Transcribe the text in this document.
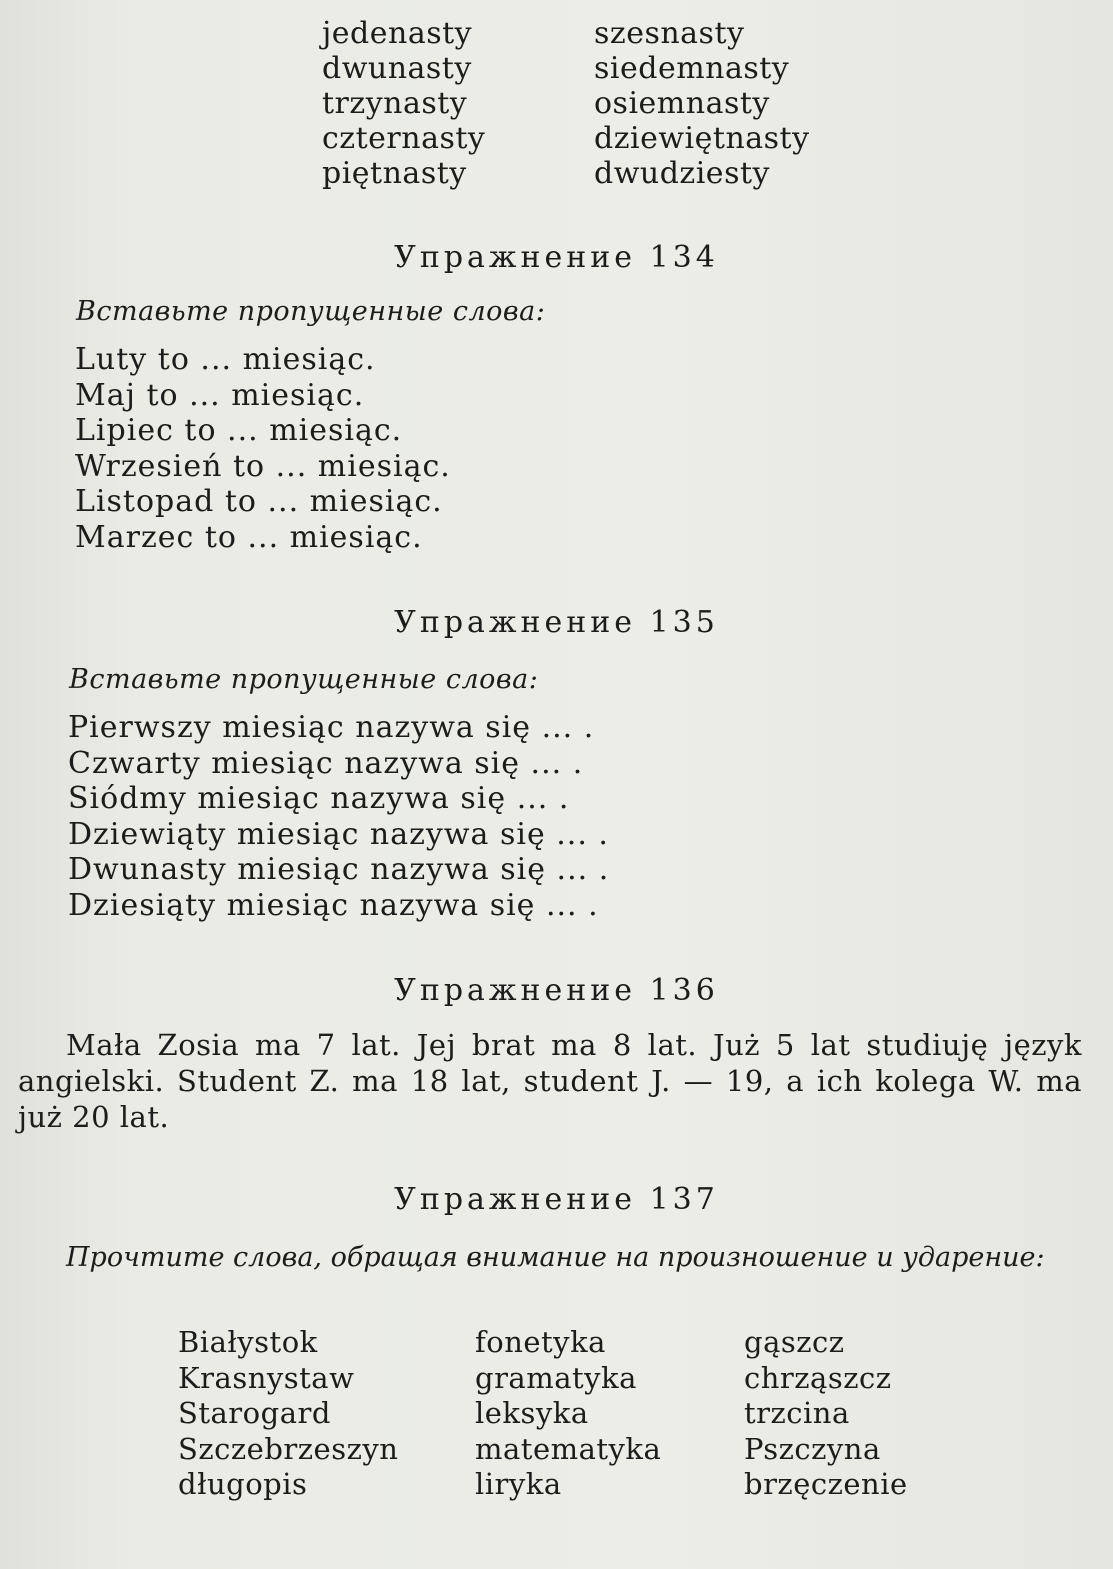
jedenasty
dwunasty
trzynasty
czternasty
piętnasty
szesnasty
siedemnasty
osiemnasty
dziewiętnasty
dwudziesty
Упражнение 134
Вставьте пропущенные слова:
Luty to ... miesiąc.
Maj to ... miesiąc.
Lipiec to ... miesiąc.
Wrzesień to ... miesiąc.
Listopad to ... miesiąc.
Marzec to ... miesiąc.
Упражнение 135
Вставьте пропущенные слова:
Pierwszy miesiąc nazywa się ... .
Czwarty miesiąc nazywa się ... .
Siódmy miesiąc nazywa się ... .
Dziewiąty miesiąc nazywa się ... .
Dwunasty miesiąc nazywa się ... .
Dziesiąty miesiąc nazywa się ... .
Упражнение 136
Mała Zosia ma 7 lat. Jej brat ma 8 lat. Już 5 lat studiuję język angielski. Student Z. ma 18 lat, student J. — 19, a ich kolega W. ma już 20 lat.
Упражнение 137
Прочтите слова, обращая внимание на произношение и ударение:
Białystok
Krasnystaw
Starogard
Szczebrzeszyn
długopis
fonetyka
gramatyka
leksyka
matematyka
liryka
gąszcz
chrząszcz
trzcina
Pszczyna
brzęczenie
